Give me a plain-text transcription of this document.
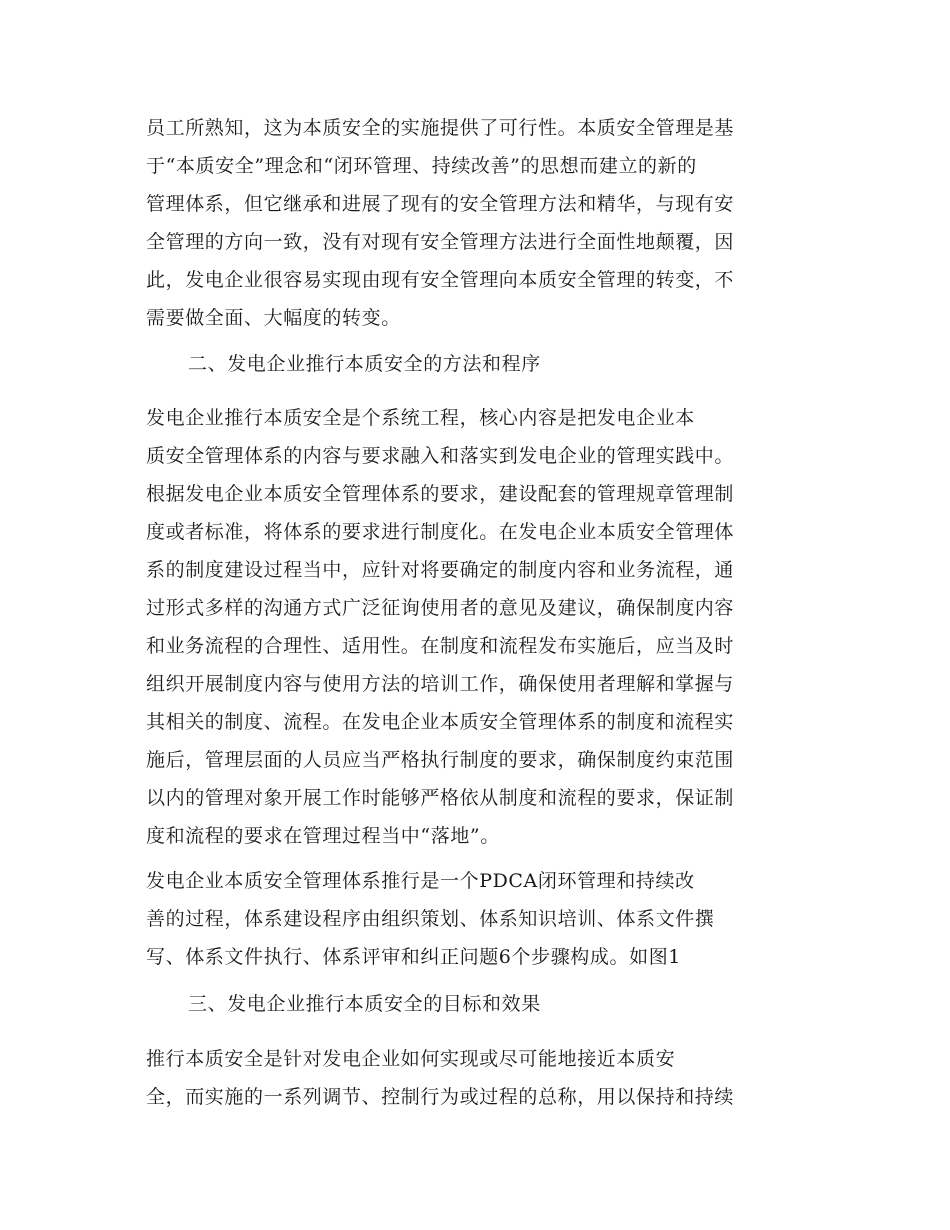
员工所熟知，这为本质安全的实施提供了可行性。本质安全管理是基
于“本质安全”理念和“闭环管理、持续改善”的思想而建立的新的
管理体系，但它继承和进展了现有的安全管理方法和精华，与现有安
全管理的方向一致，没有对现有安全管理方法进行全面性地颠覆，因
此，发电企业很容易实现由现有安全管理向本质安全管理的转变，不
需要做全面、大幅度的转变。

二、发电企业推行本质安全的方法和程序

发电企业推行本质安全是个系统工程，核心内容是把发电企业本
质安全管理体系的内容与要求融入和落实到发电企业的管理实践中。
根据发电企业本质安全管理体系的要求，建设配套的管理规章管理制
度或者标准，将体系的要求进行制度化。在发电企业本质安全管理体
系的制度建设过程当中，应针对将要确定的制度内容和业务流程，通
过形式多样的沟通方式广泛征询使用者的意见及建议，确保制度内容
和业务流程的合理性、适用性。在制度和流程发布实施后，应当及时
组织开展制度内容与使用方法的培训工作，确保使用者理解和掌握与
其相关的制度、流程。在发电企业本质安全管理体系的制度和流程实
施后，管理层面的人员应当严格执行制度的要求，确保制度约束范围
以内的管理对象开展工作时能够严格依从制度和流程的要求，保证制
度和流程的要求在管理过程当中“落地”。

发电企业本质安全管理体系推行是一个PDCA闭环管理和持续改
善的过程，体系建设程序由组织策划、体系知识培训、体系文件撰
写、体系文件执行、体系评审和纠正问题6个步骤构成。如图1

三、发电企业推行本质安全的目标和效果

推行本质安全是针对发电企业如何实现或尽可能地接近本质安
全，而实施的一系列调节、控制行为或过程的总称，用以保持和持续
